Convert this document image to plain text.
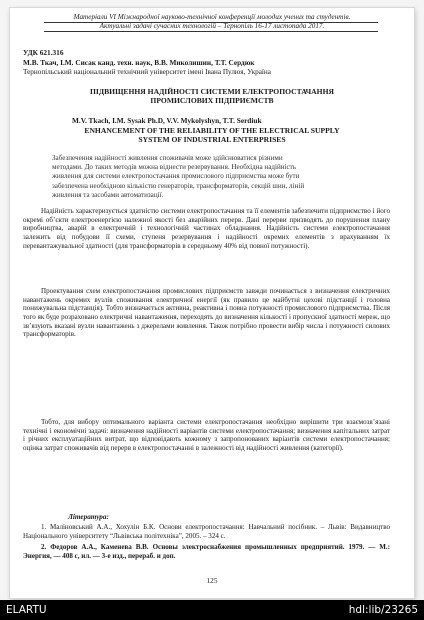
Матеріали VI Міжнародної науково-технічної конференції молодих учених та студентів.
Актуальні задачі сучасних технологій – Тернопіль 16-17 листопада 2017.
УДК 621.316
М.В. Ткач, І.М. Сисак канд. техн. наук, В.В. Миколишин, Т.Т. Сердюк
Тернопільський національний технічний університет імені Івана Пулюя, Україна
ПІДВИЩЕННЯ НАДІЙНОСТІ СИСТЕМИ ЕЛЕКТРОПОСТАЧАННЯ
ПРОМИСЛОВИХ ПІДПРИЄМСТВ
M.V. Tkach, I.M. Sysak Ph.D, V.V. Mykolyshyn, T.T. Serdiuk
ENHANCEMENT OF THE RELIABILITY OF THE ELECTRICAL SUPPLY
SYSTEM OF INDUSTRIAL ENTERPRISES
Забезпечення надійності живлення споживачів може здійснюватися різними
методами. До таких методів можна віднести резервування. Необхідна надійність
живлення для системи електропостачання промислового підприємства може бути
забезпечена необхідною кількістю генераторів, трансформаторів, секцій шин, ліній
живлення та засобами автоматизації.

Надійність характеризується здатністю системи електропостачання та її елементів забезпечити підприємство і його окремі об’єкти електроенергією належної якості без аварійних перерв. Дані перерви призводять до порушення плану виробництва, аварій в електричній і технологічній частинах обладнання. Надійність системи електропостачання залежить від побудови її схеми, ступеня резервування і надійності окремих елементів з врахуванням їх перевантажувальної здатності (для трансформаторів в середньому 40% від повної потужності).

Проектування схем електропостачання промислових підприємств завжди починається з визначення електричних навантажень окремих вузлів споживання електричної енергії (як правило це майбутні цехові підстанції і головна понижувальна підстанція). Тобто визначається активна, реактивна і повна потужності промислового підприємства. Після того як буде розраховано електричні навантаження, переходять до визначення кількості і пропускної здатності мереж, що зв’язують вказані вузли навантажень з джерелами живлення. Також потрібно провести вибір числа і потужності силових трансформаторів.

Тобто, для вибору оптимального варіанта системи електропостачання необхідно вирішити три взаємозв’язані технічні і економічні задачі: визначення надійності варіантів системи електропостачання; визначення капітальних затрат і річних експлуатаційних витрат, що відповідають кожному з запропонованих варіантів системи електропостачання; оцінка затрат споживачів від перерв в електропостачанні в залежності від надійності живлення (категорії).

Література:

1. Маліновський А.А., Хохулін Б.К. Основи електропостачання: Навчальний посібник. – Львів: Видавництво Національного університету “Львівська політехніка”, 2005. – 324 с.

2. Федоров А.А., Каменева В.В. Основы электроснабжения промышленных предприятий. 1979. — М.: Энергия, — 408 с, ил. — 3-е изд., перераб. и доп.

125
ELARTU	hdl:lib/23265
